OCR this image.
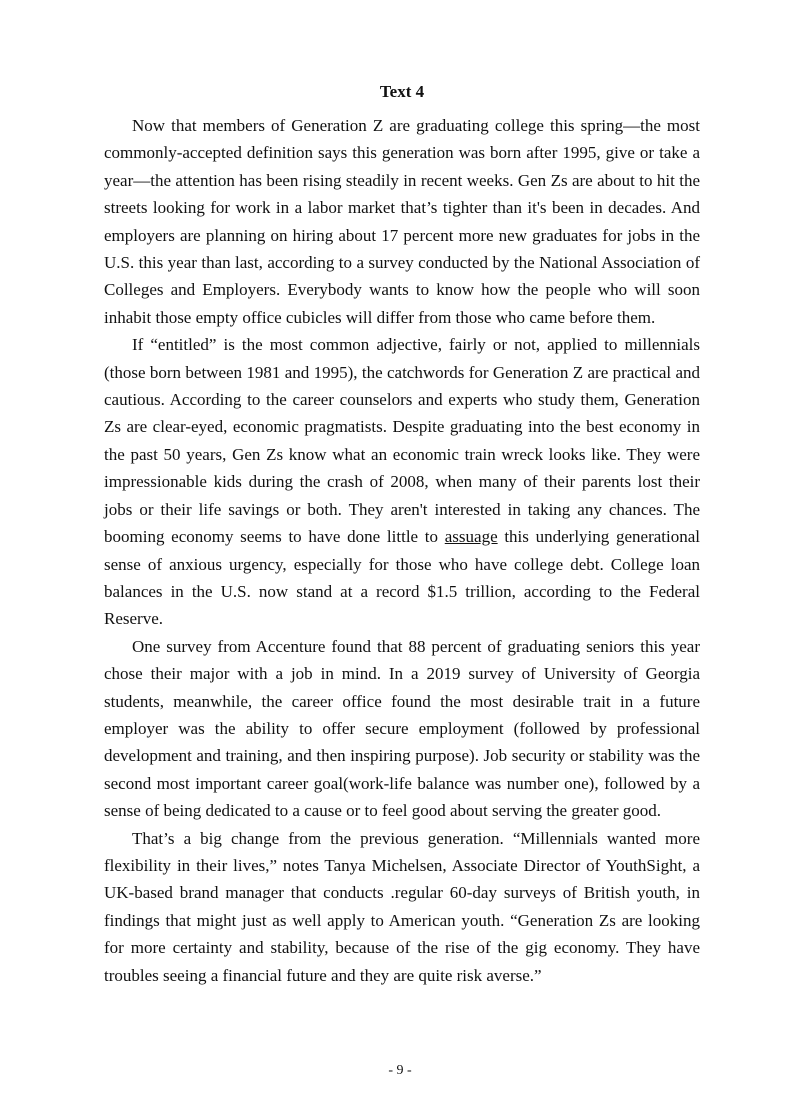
Text 4

Now that members of Generation Z are graduating college this spring—the most commonly-accepted definition says this generation was born after 1995, give or take a year—the attention has been rising steadily in recent weeks. Gen Zs are about to hit the streets looking for work in a labor market that’s tighter than it's been in decades. And employers are planning on hiring about 17 percent more new graduates for jobs in the U.S. this year than last, according to a survey conducted by the National Association of Colleges and Employers. Everybody wants to know how the people who will soon inhabit those empty office cubicles will differ from those who came before them.

If “entitled” is the most common adjective, fairly or not, applied to millennials (those born between 1981 and 1995), the catchwords for Generation Z are practical and cautious. According to the career counselors and experts who study them, Generation Zs are clear-eyed, economic pragmatists. Despite graduating into the best economy in the past 50 years, Gen Zs know what an economic train wreck looks like. They were impressionable kids during the crash of 2008, when many of their parents lost their jobs or their life savings or both. They aren't interested in taking any chances. The booming economy seems to have done little to assuage this underlying generational sense of anxious urgency, especially for those who have college debt. College loan balances in the U.S. now stand at a record $1.5 trillion, according to the Federal Reserve.

One survey from Accenture found that 88 percent of graduating seniors this year chose their major with a job in mind. In a 2019 survey of University of Georgia students, meanwhile, the career office found the most desirable trait in a future employer was the ability to offer secure employment (followed by professional development and training, and then inspiring purpose). Job security or stability was the second most important career goal(work-life balance was number one), followed by a sense of being dedicated to a cause or to feel good about serving the greater good.

That’s a big change from the previous generation. “Millennials wanted more flexibility in their lives,” notes Tanya Michelsen, Associate Director of YouthSight, a UK-based brand manager that conducts .regular 60-day surveys of British youth, in findings that might just as well apply to American youth. “Generation Zs are looking for more certainty and stability, because of the rise of the gig economy. They have troubles seeing a financial future and they are quite risk averse.”

- 9 -
